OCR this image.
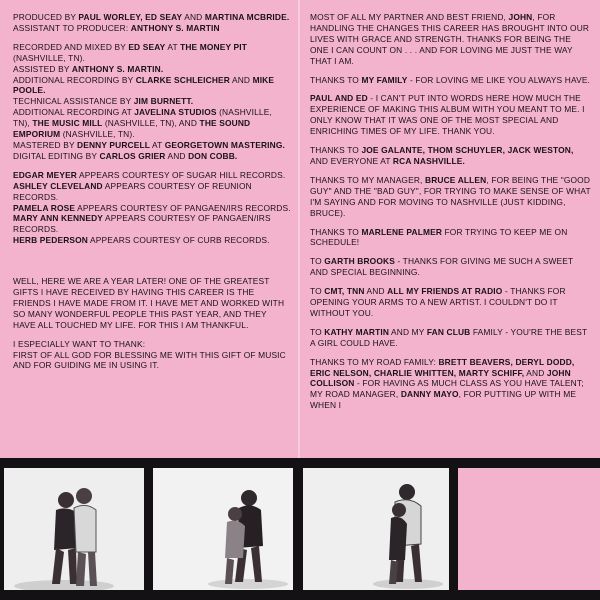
PRODUCED BY PAUL WORLEY, ED SEAY AND MARTINA MCBRIDE.
ASSISTANT TO PRODUCER: ANTHONY S. MARTIN

RECORDED AND MIXED BY ED SEAY AT THE MONEY PIT (NASHVILLE, TN).
ASSISTED BY ANTHONY S. MARTIN.
ADDITIONAL RECORDING BY CLARKE SCHLEICHER AND MIKE POOLE.
TECHNICAL ASSISTANCE BY JIM BURNETT.
ADDITIONAL RECORDING AT JAVELINA STUDIOS (NASHVILLE, TN), THE MUSIC MILL (NASHVILLE, TN), AND THE SOUND EMPORIUM (NASHVILLE, TN).
MASTERED BY DENNY PURCELL AT GEORGETOWN MASTERING.
DIGITAL EDITING BY CARLOS GRIER AND DON COBB.

EDGAR MEYER APPEARS COURTESY OF SUGAR HILL RECORDS.
ASHLEY CLEVELAND APPEARS COURTESY OF REUNION RECORDS.
PAMELA ROSE APPEARS COURTESY OF PANGAEN/IRS RECORDS.
MARY ANN KENNEDY APPEARS COURTESY OF PANGAEN/IRS RECORDS.
HERB PEDERSON APPEARS COURTESY OF CURB RECORDS.

WELL, HERE WE ARE A YEAR LATER! ONE OF THE GREATEST GIFTS I HAVE RECEIVED BY HAVING THIS CAREER IS THE FRIENDS I HAVE MADE FROM IT. I HAVE MET AND WORKED WITH SO MANY WONDERFUL PEOPLE THIS PAST YEAR, AND THEY HAVE ALL TOUCHED MY LIFE. FOR THIS I AM THANKFUL.

I ESPECIALLY WANT TO THANK:

FIRST OF ALL GOD FOR BLESSING ME WITH THIS GIFT OF MUSIC AND FOR GUIDING ME IN USING IT.

MOST OF ALL MY PARTNER AND BEST FRIEND, JOHN, FOR HANDLING THE CHANGES THIS CAREER HAS BROUGHT INTO OUR LIVES WITH GRACE AND STRENGTH. THANKS FOR BEING THE ONE I CAN COUNT ON . . . AND FOR LOVING ME JUST THE WAY THAT I AM.

THANKS TO MY FAMILY - FOR LOVING ME LIKE YOU ALWAYS HAVE.

PAUL AND ED - I CAN'T PUT INTO WORDS HERE HOW MUCH THE EXPERIENCE OF MAKING THIS ALBUM WITH YOU MEANT TO ME. I ONLY KNOW THAT IT WAS ONE OF THE MOST SPECIAL AND ENRICHING TIMES OF MY LIFE. THANK YOU.

THANKS TO JOE GALANTE, THOM SCHUYLER, JACK WESTON, AND EVERYONE AT RCA NASHVILLE.

THANKS TO MY MANAGER, BRUCE ALLEN, FOR BEING THE "GOOD GUY" AND THE "BAD GUY", FOR TRYING TO MAKE SENSE OF WHAT I'M SAYING AND FOR MOVING TO NASHVILLE (JUST KIDDING, BRUCE).

THANKS TO MARLENE PALMER FOR TRYING TO KEEP ME ON SCHEDULE!

TO GARTH BROOKS - THANKS FOR GIVING ME SUCH A SWEET AND SPECIAL BEGINNING.

TO CMT, TNN AND ALL MY FRIENDS AT RADIO - THANKS FOR OPENING YOUR ARMS TO A NEW ARTIST. I COULDN'T DO IT WITHOUT YOU.

TO KATHY MARTIN AND MY FAN CLUB FAMILY - YOU'RE THE BEST A GIRL COULD HAVE.

THANKS TO MY ROAD FAMILY: BRETT BEAVERS, DERYL DODD, ERIC NELSON, CHARLIE WHITTEN, MARTY SCHIFF, AND JOHN COLLISON - FOR HAVING AS MUCH CLASS AS YOU HAVE TALENT; MY ROAD MANAGER, DANNY MAYO, FOR PUTTING UP WITH ME WHEN I
